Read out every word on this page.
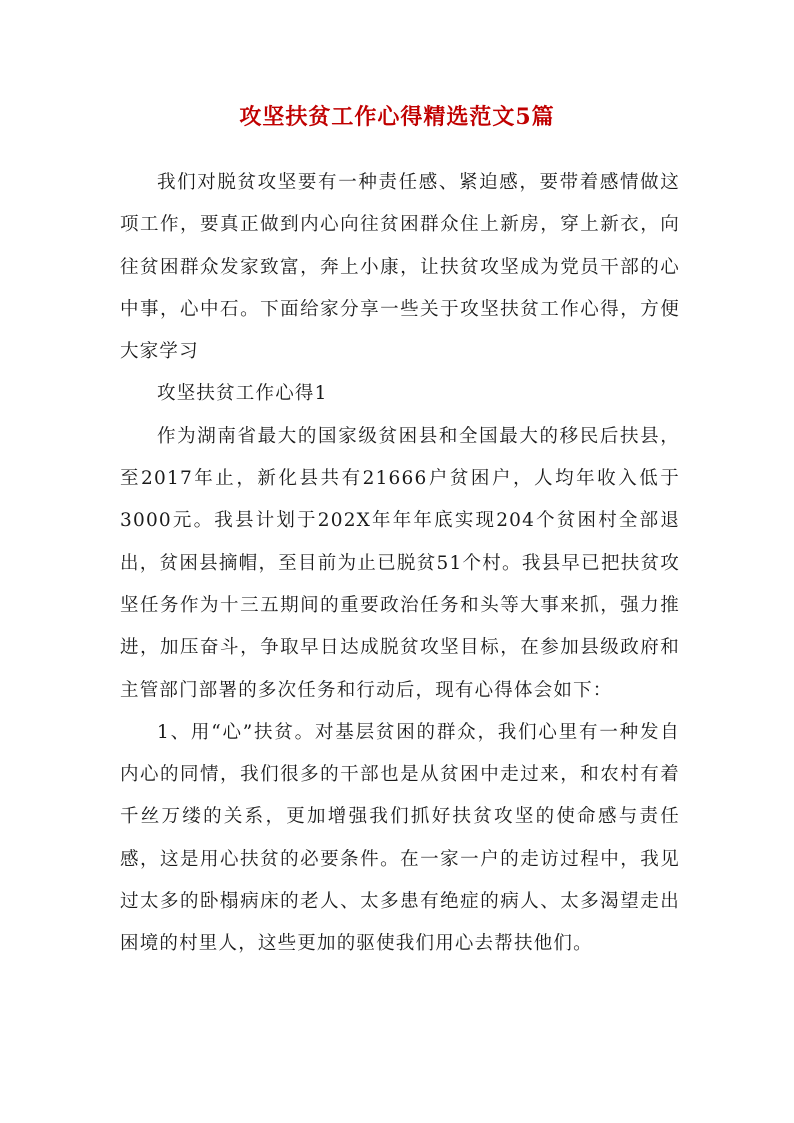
攻坚扶贫工作心得精选范文5篇

我们对脱贫攻坚要有一种责任感、紧迫感，要带着感情做这项工作，要真正做到内心向往贫困群众住上新房，穿上新衣，向往贫困群众发家致富，奔上小康，让扶贫攻坚成为党员干部的心中事，心中石。下面给家分享一些关于攻坚扶贫工作心得，方便大家学习

攻坚扶贫工作心得1

作为湖南省最大的国家级贫困县和全国最大的移民后扶县，至2017年止，新化县共有21666户贫困户，人均年收入低于3000元。我县计划于202X年年年底实现204个贫困村全部退出，贫困县摘帽，至目前为止已脱贫51个村。我县早已把扶贫攻坚任务作为十三五期间的重要政治任务和头等大事来抓，强力推进，加压奋斗，争取早日达成脱贫攻坚目标，在参加县级政府和主管部门部署的多次任务和行动后，现有心得体会如下：

1、用“心”扶贫。对基层贫困的群众，我们心里有一种发自内心的同情，我们很多的干部也是从贫困中走过来，和农村有着千丝万缕的关系，更加增强我们抓好扶贫攻坚的使命感与责任感，这是用心扶贫的必要条件。在一家一户的走访过程中，我见过太多的卧榻病床的老人、太多患有绝症的病人、太多渴望走出困境的村里人，这些更加的驱使我们用心去帮扶他们。
